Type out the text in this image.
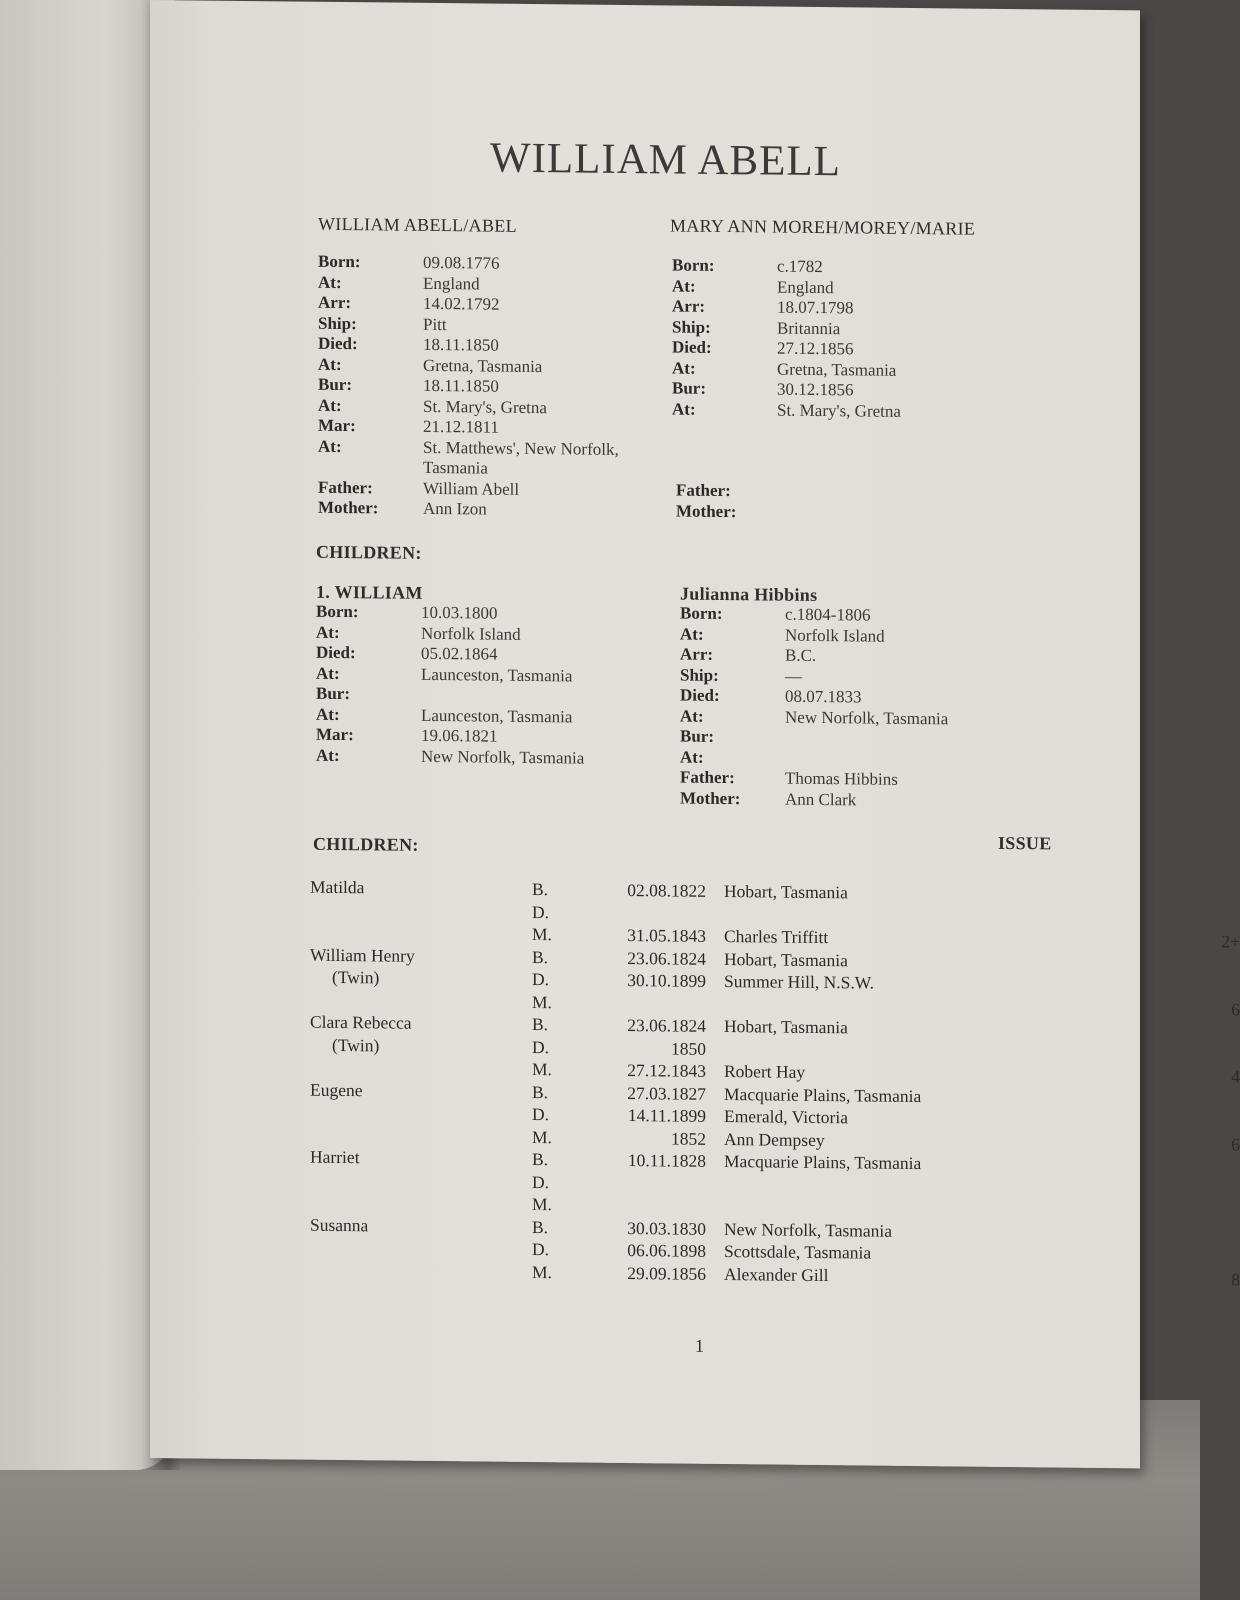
WILLIAM ABELL
WILLIAM ABELL/ABEL
Born:	09.08.1776
At:	England
Arr:	14.02.1792
Ship:	Pitt
Died:	18.11.1850
At:	Gretna, Tasmania
Bur:	18.11.1850
At:	St. Mary's, Gretna
Mar:	21.12.1811
At:	St. Matthews', New Norfolk,
Tasmania
Father:	William Abell
Mother:	Ann Izon
MARY ANN MOREH/MOREY/MARIE
Born:	c.1782
At:	England
Arr:	18.07.1798
Ship:	Britannia
Died:	27.12.1856
At:	Gretna, Tasmania
Bur:	30.12.1856
At:	St. Mary's, Gretna
Father:
Mother:
CHILDREN:
1. WILLIAM
Born:	10.03.1800
At:	Norfolk Island
Died:	05.02.1864
At:	Launceston, Tasmania
Bur:
At:	Launceston, Tasmania
Mar:	19.06.1821
At:	New Norfolk, Tasmania
Julianna Hibbins
Born:	c.1804-1806
At:	Norfolk Island
Arr:	B.C.
Ship:	—
Died:	08.07.1833
At:	New Norfolk, Tasmania
Bur:
At:
Father:	Thomas Hibbins
Mother:	Ann Clark
CHILDREN:	ISSUE
Matilda	B.	02.08.1822 Hobart, Tasmania
D.
M.	31.05.1843 Charles Triffitt	2+
William Henry	B.	23.06.1824 Hobart, Tasmania
(Twin)	D.	30.10.1899 Summer Hill, N.S.W.
M.	6
Clara Rebecca	B.	23.06.1824 Hobart, Tasmania
(Twin)	D.	1850
M.	27.12.1843 Robert Hay	4
Eugene	B.	27.03.1827 Macquarie Plains, Tasmania
D.	14.11.1899 Emerald, Victoria
M.	1852 Ann Dempsey	6
Harriet	B.	10.11.1828 Macquarie Plains, Tasmania
D.
M.
Susanna	B.	30.03.1830 New Norfolk, Tasmania
D.	06.06.1898 Scottsdale, Tasmania
M.	29.09.1856 Alexander Gill	8
1
